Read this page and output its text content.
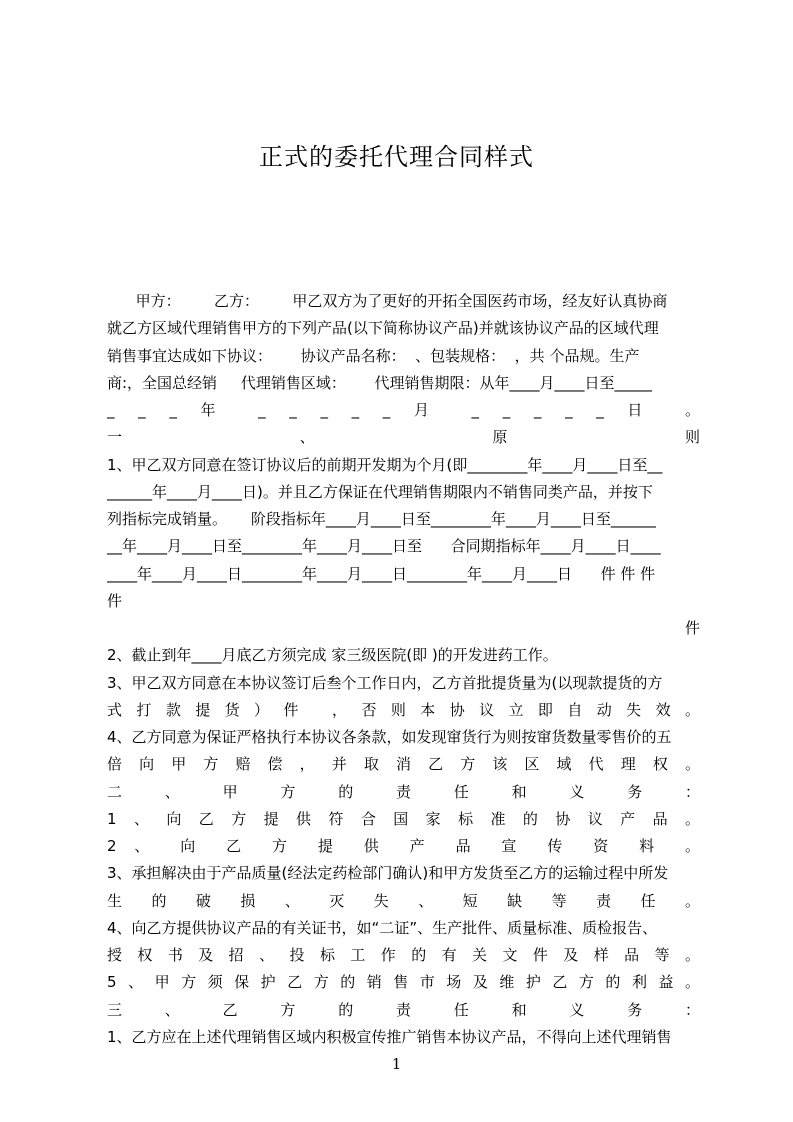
正式的委托代理合同样式
甲方：       乙方：       甲乙双方为了更好的开拓全国医药市场，经友好认真协商
就乙方区域代理销售甲方的下列产品(以下简称协议产品)并就该协议产品的区域代理
销售事宜达成如下协议：      协议产品名称：  、包装规格：  ，共 个品规。生产
商:，全国总经销     代理销售区域：      代理销售期限：从年____月____日至_____
_ _ _ 年 _ _ _ _ _ 月 _ _ _ _ _ 日 。
一 、 原 则
1、甲乙双方同意在签订协议后的前期开发期为个月(即________年____月____日至__
______年____月____日)。并且乙方保证在代理销售期限内不销售同类产品，并按下
列指标完成销量。     阶段指标年____月____日至________年____月____日至______
__年____月____日至________年____月____日至      合同期指标年____月____日____
____年____月____日________年____月____日________年____月____日      件 件 件
件
件
2、截止到年____月底乙方须完成 家三级医院(即 )的开发进药工作。
3、甲乙双方同意在本协议签订后叁个工作日内，乙方首批提货量为(以现款提货的方
式打款提货）件 ，否则本协议立即自动失效。
4、乙方同意为保证严格执行本协议各条款，如发现窜货行为则按窜货数量零售价的五
倍向甲方赔偿，并取消乙方该区域代理权。
二 、 甲 方 的 责 任 和 义 务 ：
1、向乙方提供符合国家标准的协议产品。
2 、 向 乙 方 提 供 产 品 宣 传 资 料 。
3、承担解决由于产品质量(经法定药检部门确认)和甲方发货至乙方的运输过程中所发
生 的 破 损 、 灭 失 、 短 缺 等 责 任 。
4、向乙方提供协议产品的有关证书，如“二证”、生产批件、质量标准、质检报告、
授权书及招、投标工作的有关文件及样品等。
5、甲方须保护乙方的销售市场及维护乙方的利益。
三 、 乙 方 的 责 任 和 义 务 ：
1、乙方应在上述代理销售区域内积极宣传推广销售本协议产品，不得向上述代理销售
1
